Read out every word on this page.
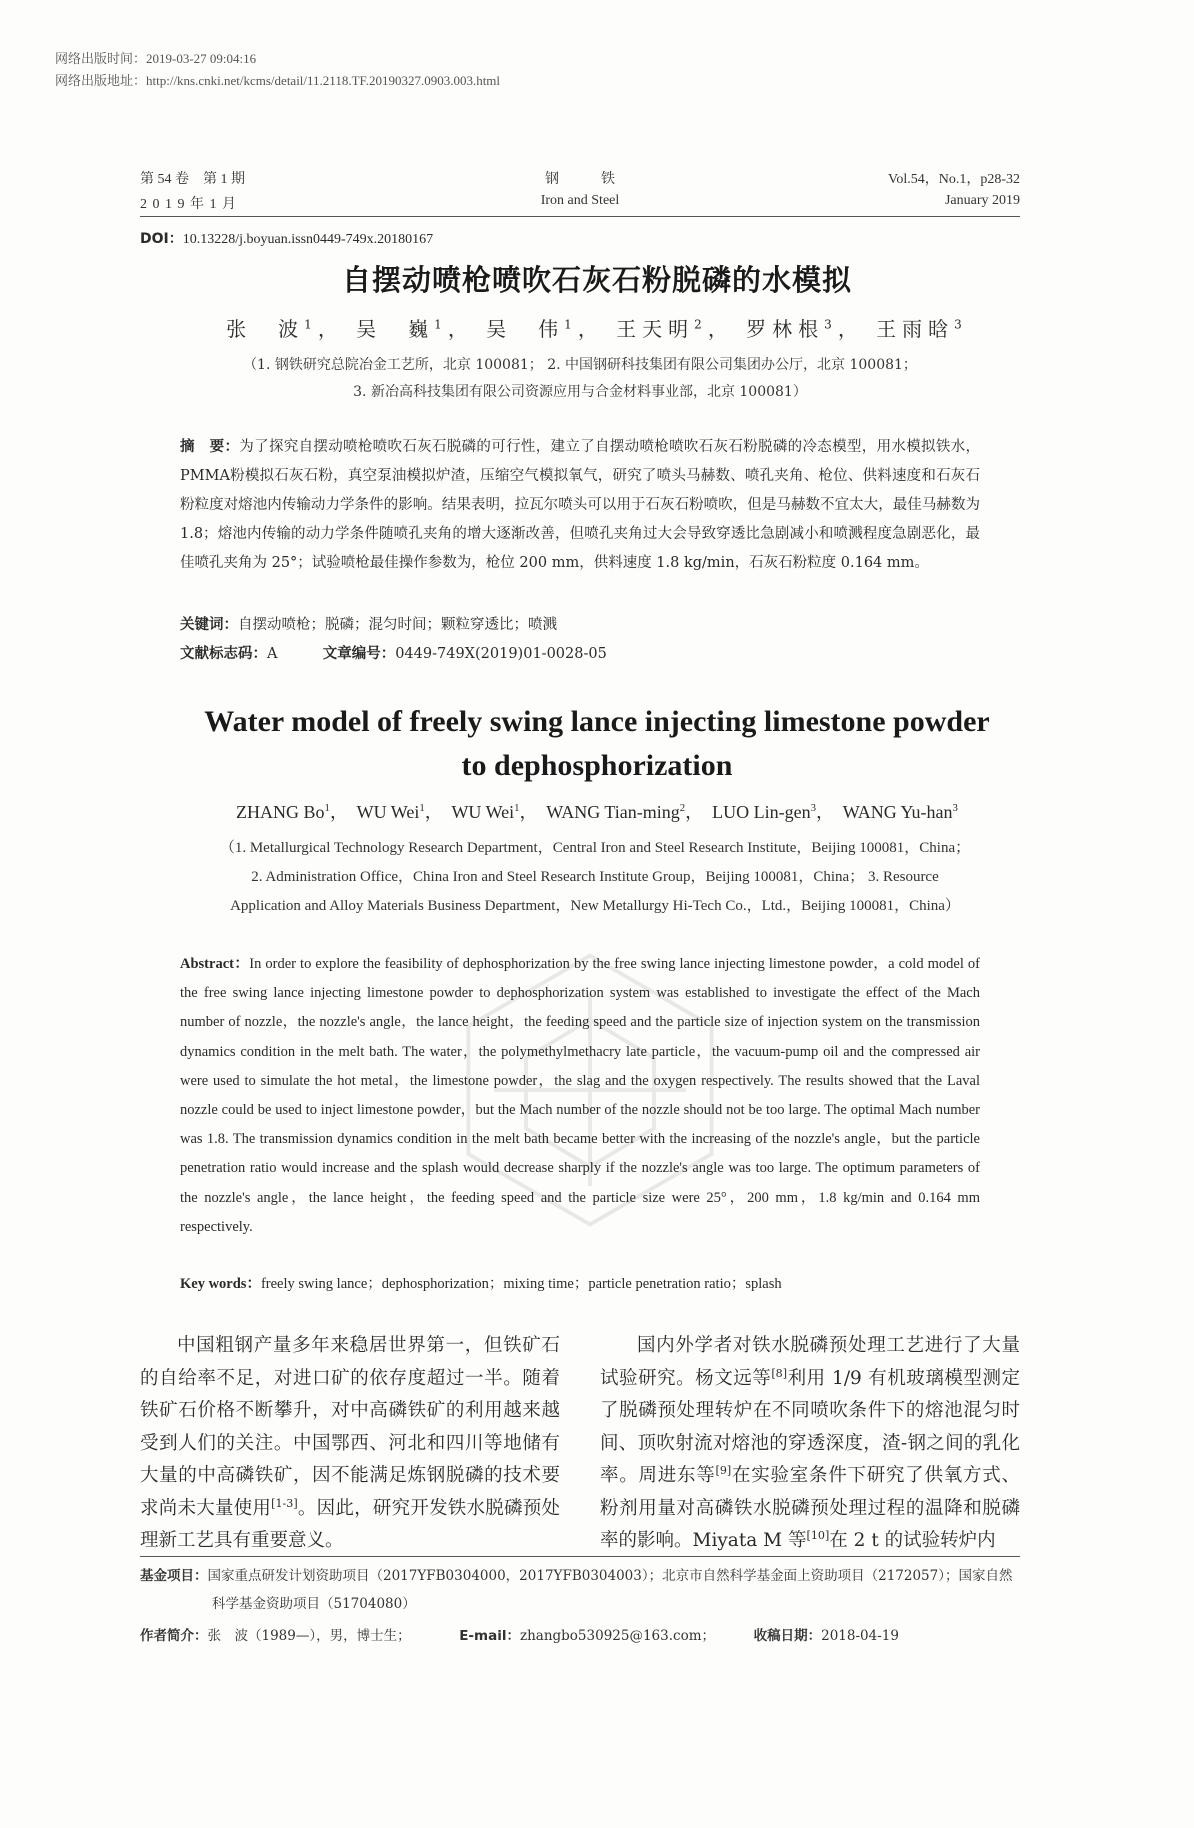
网络出版时间：2019-03-27 09:04:16
网络出版地址：http://kns.cnki.net/kcms/detail/11.2118.TF.20190327.0903.003.html
第 54 卷　第 1 期
2 0 1 9 年 1 月
钢　　　铁
Iron and Steel
Vol.54，No.1，p28-32
January 2019
DOI：10.13228/j.boyuan.issn0449-749x.20180167
自摆动喷枪喷吹石灰石粉脱磷的水模拟
张　波$^1$， 吴　巍$^1$， 吴　伟$^1$， 王天明$^2$， 罗林根$^3$， 王雨晗$^3$
（1. 钢铁研究总院冶金工艺所，北京 100081； 2. 中国钢研科技集团有限公司集团办公厅，北京 100081；
3. 新冶高科技集团有限公司资源应用与合金材料事业部，北京 100081）
摘　要：为了探究自摆动喷枪喷吹石灰石脱磷的可行性，建立了自摆动喷枪喷吹石灰石粉脱磷的冷态模型，用水模拟铁水，PMMA粉模拟石灰石粉，真空泵油模拟炉渣，压缩空气模拟氧气，研究了喷头马赫数、喷孔夹角、枪位、供料速度和石灰石粉粒度对熔池内传输动力学条件的影响。结果表明，拉瓦尔喷头可以用于石灰石粉喷吹，但是马赫数不宜太大，最佳马赫数为 1.8；熔池内传输的动力学条件随喷孔夹角的增大逐渐改善，但喷孔夹角过大会导致穿透比急剧减小和喷溅程度急剧恶化，最佳喷孔夹角为 25°；试验喷枪最佳操作参数为，枪位 200 mm，供料速度 1.8 kg/min，石灰石粉粒度 0.164 mm。
关键词：自摆动喷枪；脱磷；混匀时间；颗粒穿透比；喷溅
文献标志码：A	文章编号：0449-749X(2019)01-0028-05
Water model of freely swing lance injecting limestone powder
to dephosphorization
ZHANG Bo$^1$，  WU Wei$^1$，  WU Wei$^1$，  WANG Tian-ming$^2$，  LUO Lin-gen$^3$，  WANG Yu-han$^3$
（1. Metallurgical Technology Research Department，Central Iron and Steel Research Institute，Beijing 100081，China；
2. Administration Office，China Iron and Steel Research Institute Group，Beijing 100081，China； 3. Resource
Application and Alloy Materials Business Department，New Metallurgy Hi-Tech Co.，Ltd.，Beijing 100081，China）
Abstract：In order to explore the feasibility of dephosphorization by the free swing lance injecting limestone powder，a cold model of the free swing lance injecting limestone powder to dephosphorization system was established to investigate the effect of the Mach number of nozzle，the nozzle's angle，the lance height，the feeding speed and the particle size of injection system on the transmission dynamics condition in the melt bath. The water，the polymethylmethacry late particle，the vacuum-pump oil and the compressed air were used to simulate the hot metal，the limestone powder，the slag and the oxygen respectively. The results showed that the Laval nozzle could be used to inject limestone powder，but the Mach number of the nozzle should not be too large. The optimal Mach number was 1.8. The transmission dynamics condition in the melt bath became better with the increasing of the nozzle's angle，but the particle penetration ratio would increase and the splash would decrease sharply if the nozzle's angle was too large. The optimum parameters of the nozzle's angle，the lance height，the feeding speed and the particle size were 25°，200 mm，1.8 kg/min and 0.164 mm respectively.
Key words：freely swing lance；dephosphorization；mixing time；particle penetration ratio；splash
中国粗钢产量多年来稳居世界第一，但铁矿石的自给率不足，对进口矿的依存度超过一半。随着铁矿石价格不断攀升，对中高磷铁矿的利用越来越受到人们的关注。中国鄂西、河北和四川等地储有大量的中高磷铁矿，因不能满足炼钢脱磷的技术要求尚未大量使用[1-3]。因此，研究开发铁水脱磷预处理新工艺具有重要意义。
国内外学者对铁水脱磷预处理工艺进行了大量试验研究。杨文远等[8]利用 1/9 有机玻璃模型测定了脱磷预处理转炉在不同喷吹条件下的熔池混匀时间、顶吹射流对熔池的穿透深度，渣-钢之间的乳化率。周进东等[9]在实验室条件下研究了供氧方式、粉剂用量对高磷铁水脱磷预处理过程的温降和脱磷率的影响。Miyata M 等[10]在 2 t 的试验转炉内
基金项目：国家重点研发计划资助项目（2017YFB0304000，2017YFB0304003）；北京市自然科学基金面上资助项目（2172057）；国家自然科学基金资助项目（51704080）
作者简介：张　波（1989—），男，博士生；	E-mail：zhangbo530925@163.com；	收稿日期：2018-04-19
